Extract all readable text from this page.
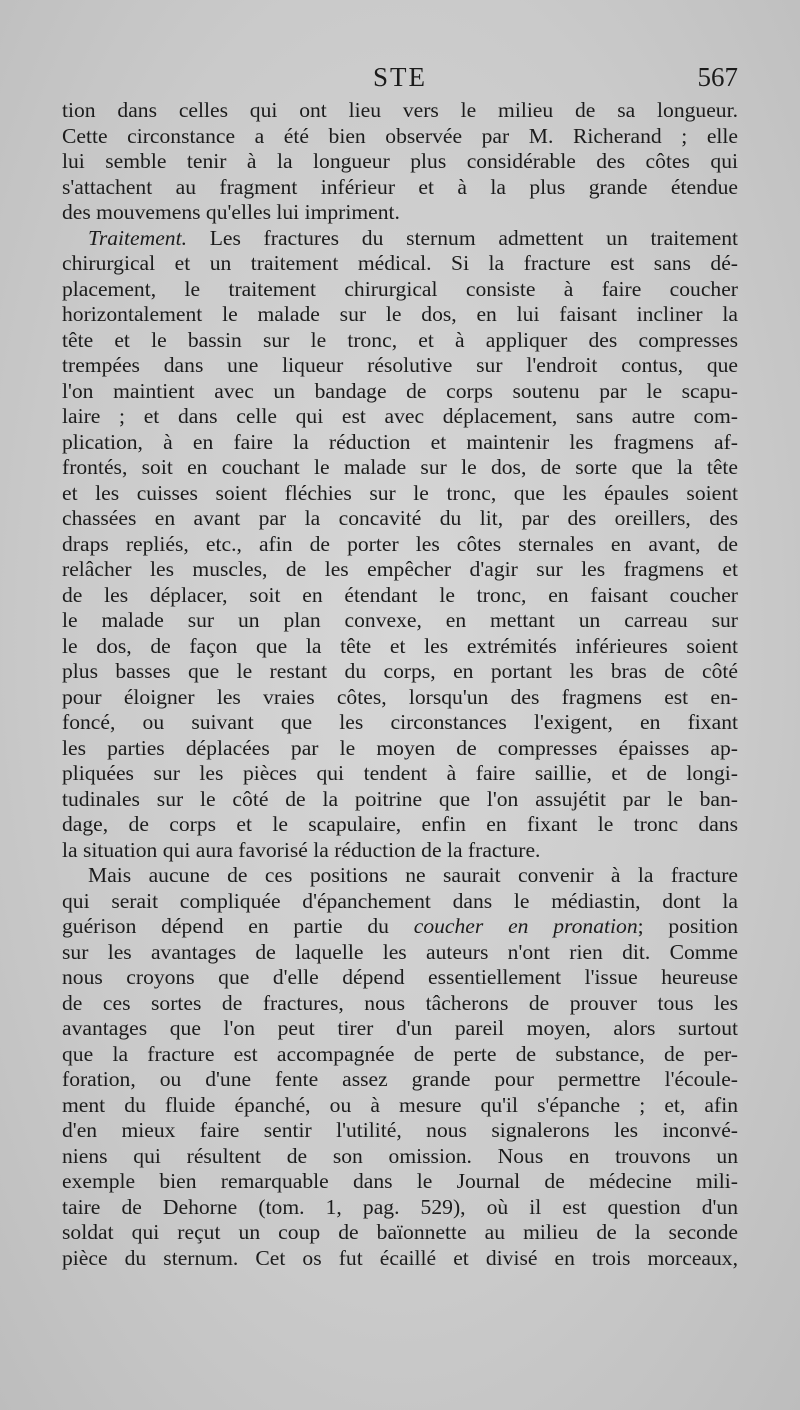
STE	567
tion dans celles qui ont lieu vers le milieu de sa longueur.
Cette circonstance a été bien observée par M. Richerand ; elle
lui semble tenir à la longueur plus considérable des côtes qui
s'attachent au fragment inférieur et à la plus grande étendue
des mouvemens qu'elles lui impriment.
Traitement. Les fractures du sternum admettent un traitement
chirurgical et un traitement médical. Si la fracture est sans dé-
placement, le traitement chirurgical consiste à faire coucher
horizontalement le malade sur le dos, en lui faisant incliner la
tête et le bassin sur le tronc, et à appliquer des compresses
trempées dans une liqueur résolutive sur l'endroit contus, que
l'on maintient avec un bandage de corps soutenu par le scapu-
laire ; et dans celle qui est avec déplacement, sans autre com-
plication, à en faire la réduction et maintenir les fragmens af-
frontés, soit en couchant le malade sur le dos, de sorte que la tête
et les cuisses soient fléchies sur le tronc, que les épaules soient
chassées en avant par la concavité du lit, par des oreillers, des
draps repliés, etc., afin de porter les côtes sternales en avant, de
relâcher les muscles, de les empêcher d'agir sur les fragmens et
de les déplacer, soit en étendant le tronc, en faisant coucher
le malade sur un plan convexe, en mettant un carreau sur
le dos, de façon que la tête et les extrémités inférieures soient
plus basses que le restant du corps, en portant les bras de côté
pour éloigner les vraies côtes, lorsqu'un des fragmens est en-
foncé, ou suivant que les circonstances l'exigent, en fixant
les parties déplacées par le moyen de compresses épaisses ap-
pliquées sur les pièces qui tendent à faire saillie, et de longi-
tudinales sur le côté de la poitrine que l'on assujétit par le ban-
dage, de corps et le scapulaire, enfin en fixant le tronc dans
la situation qui aura favorisé la réduction de la fracture.
Mais aucune de ces positions ne saurait convenir à la fracture
qui serait compliquée d'épanchement dans le médiastin, dont la
guérison dépend en partie du coucher en pronation; position
sur les avantages de laquelle les auteurs n'ont rien dit. Comme
nous croyons que d'elle dépend essentiellement l'issue heureuse
de ces sortes de fractures, nous tâcherons de prouver tous les
avantages que l'on peut tirer d'un pareil moyen, alors surtout
que la fracture est accompagnée de perte de substance, de per-
foration, ou d'une fente assez grande pour permettre l'écoule-
ment du fluide épanché, ou à mesure qu'il s'épanche ; et, afin
d'en mieux faire sentir l'utilité, nous signalerons les inconvé-
niens qui résultent de son omission. Nous en trouvons un
exemple bien remarquable dans le Journal de médecine mili-
taire de Dehorne (tom. 1, pag. 529), où il est question d'un
soldat qui reçut un coup de baïonnette au milieu de la seconde
pièce du sternum. Cet os fut écaillé et divisé en trois morceaux,
